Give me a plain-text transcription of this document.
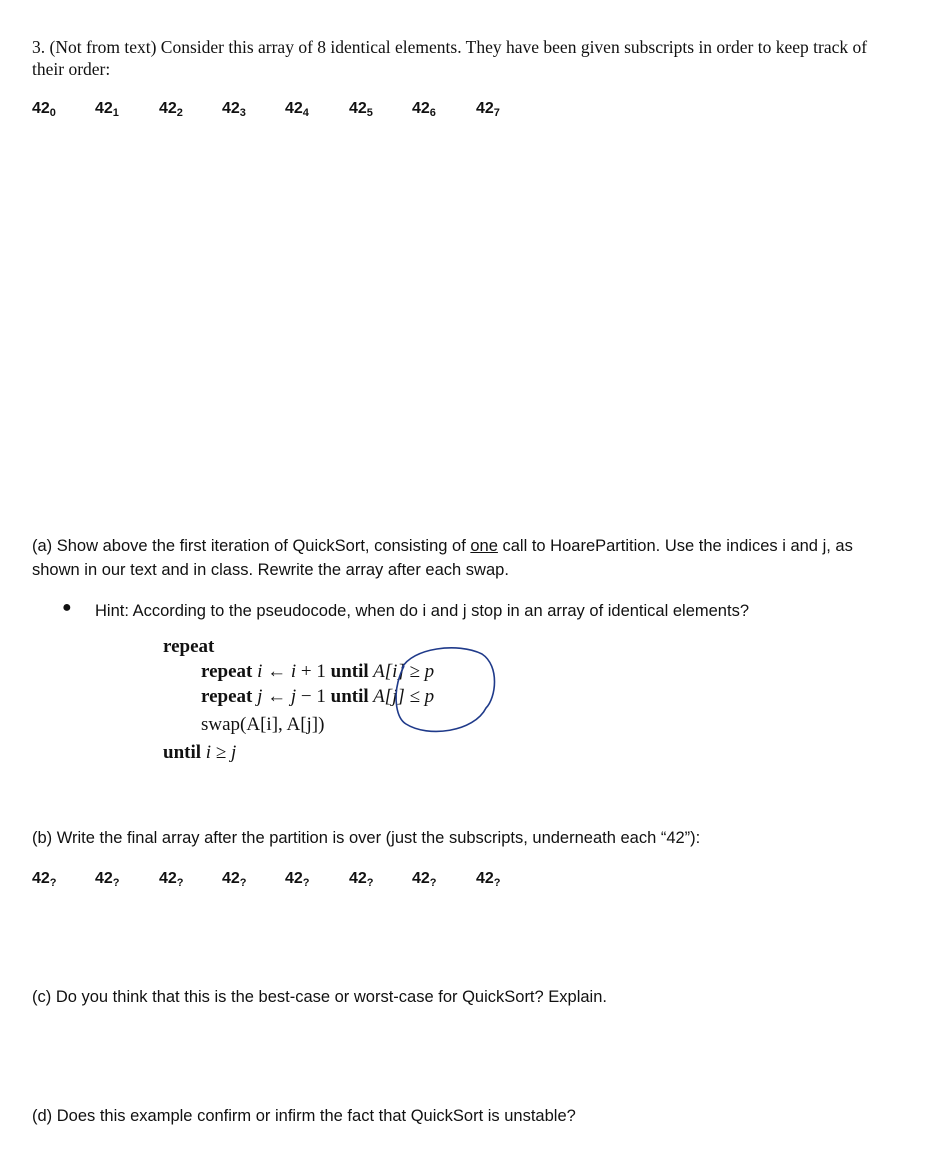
3. (Not from text) Consider this array of 8 identical elements. They have been given subscripts in order to keep track of their order:
$42_0$ $42_1$	$42_2$ $42_3$ $42_4$	$42_5$ $42_6$	$42_7$
(a) Show above the first iteration of QuickSort, consisting of one call to HoarePartition. Use the indices i and j, as shown in our text and in class. Rewrite the array after each swap.
● Hint: According to the pseudocode, when do i and j stop in an array of identical elements?
repeat
repeat i ← i + 1 until A[i] ≥ p
repeat j ← j − 1 until A[j] ≤ p
swap(A[i], A[j])
until i ≥ j
(b) Write the final array after the partition is over (just the subscripts, underneath each “42”):
$42_?$ $42_?$ $42_?$ $42_?$ $42_?$ $42_?$ $42_?$ $42_?$
(c) Do you think that this is the best-case or worst-case for QuickSort? Explain.
(d) Does this example confirm or infirm the fact that QuickSort is unstable?
